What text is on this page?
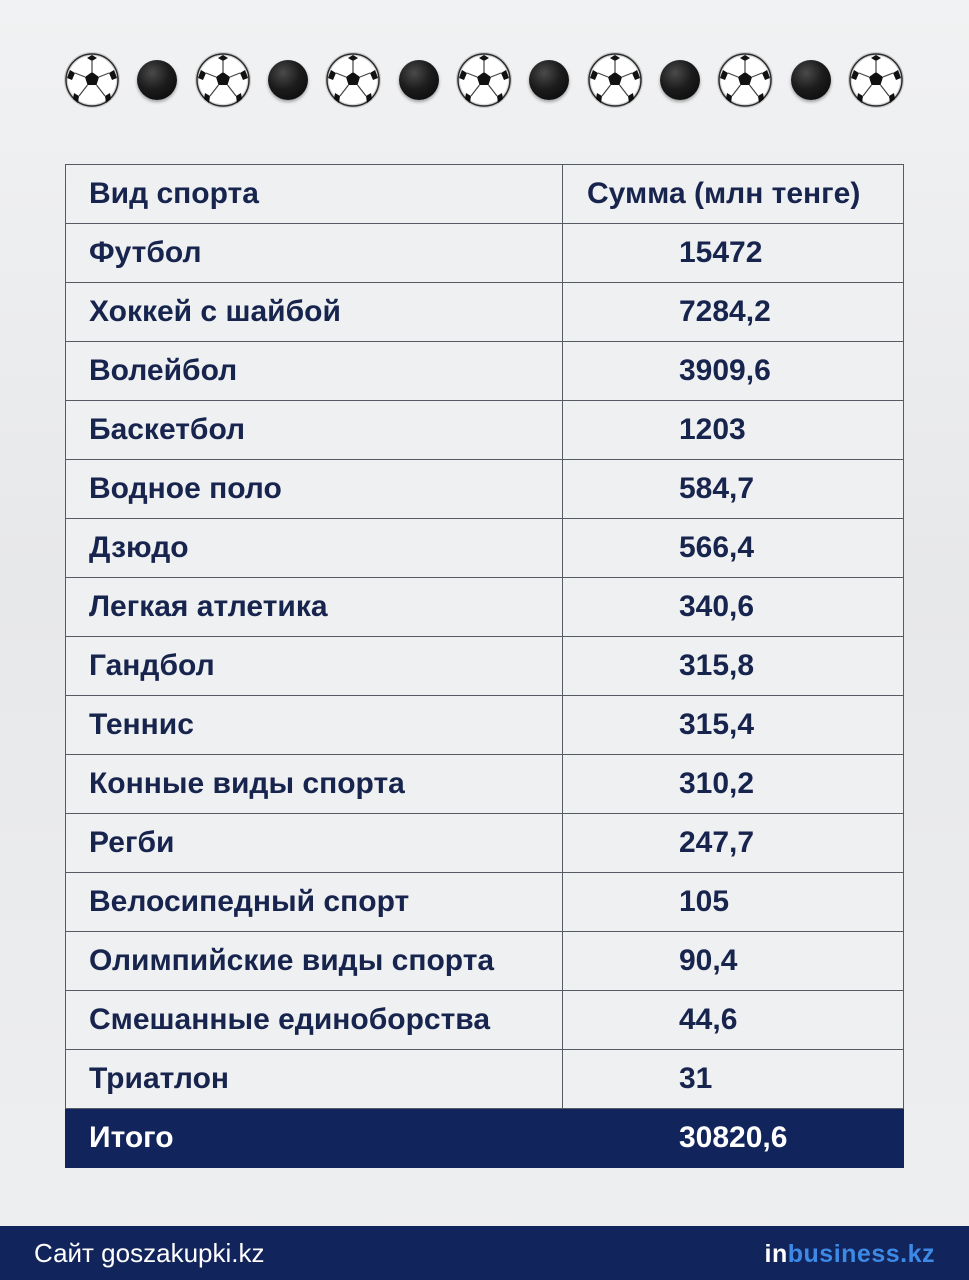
Вид спорта	Сумма (млн тенге)
Футбол	15472
Хоккей с шайбой	7284,2
Волейбол	3909,6
Баскетбол	1203
Водное поло	584,7
Дзюдо	566,4
Легкая атлетика	340,6
Гандбол	315,8
Теннис	315,4
Конные виды спорта	310,2
Регби	247,7
Велосипедный спорт	105
Олимпийские виды спорта	90,4
Смешанные единоборства	44,6
Триатлон	31
Итого	30820,6
Сайт goszakupki.kz	inbusiness.kz
